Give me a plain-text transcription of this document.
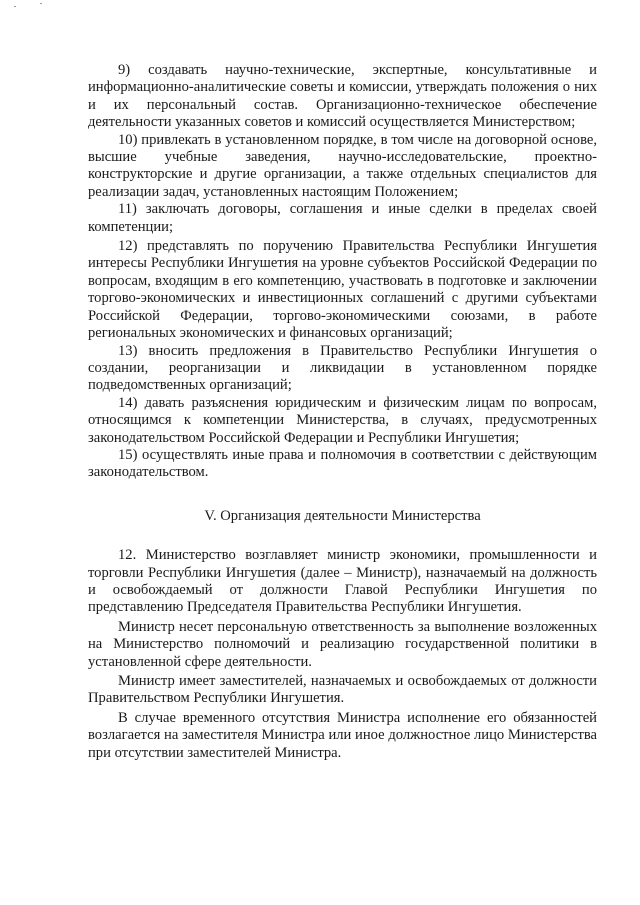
9) создавать научно-технические, экспертные, консультативные и информационно-аналитические советы и комиссии, утверждать положения о них и их персональный состав. Организационно-техническое обеспечение деятельности указанных советов и комиссий осуществляется Министерством;

10) привлекать в установленном порядке, в том числе на договорной основе, высшие учебные заведения, научно-исследовательские, проектно-конструкторские и другие организации, а также отдельных специалистов для реализации задач, установленных настоящим Положением;

11) заключать договоры, соглашения и иные сделки в пределах своей компетенции;

12) представлять по поручению Правительства Республики Ингушетия интересы Республики Ингушетия на уровне субъектов Российской Федерации по вопросам, входящим в его компетенцию, участвовать в подготовке и заключении торгово-экономических и инвестиционных соглашений с другими субъектами Российской Федерации, торгово-экономическими союзами, в работе региональных экономических и финансовых организаций;

13) вносить предложения в Правительство Республики Ингушетия о создании, реорганизации и ликвидации в установленном порядке подведомственных организаций;

14) давать разъяснения юридическим и физическим лицам по вопросам, относящимся к компетенции Министерства, в случаях, предусмотренных законодательством Российской Федерации и Республики Ингушетия;

15) осуществлять иные права и полномочия в соответствии с действующим законодательством.

V. Организация деятельности Министерства

12. Министерство возглавляет министр экономики, промышленности и торговли Республики Ингушетия (далее – Министр), назначаемый на должность и освобождаемый от должности Главой Республики Ингушетия по представлению Председателя Правительства Республики Ингушетия.

Министр несет персональную ответственность за выполнение возложенных на Министерство полномочий и реализацию государственной политики в установленной сфере деятельности.

Министр имеет заместителей, назначаемых и освобождаемых от должности Правительством Республики Ингушетия.

В случае временного отсутствия Министра исполнение его обязанностей возлагается на заместителя Министра или иное должностное лицо Министерства при отсутствии заместителей Министра.
